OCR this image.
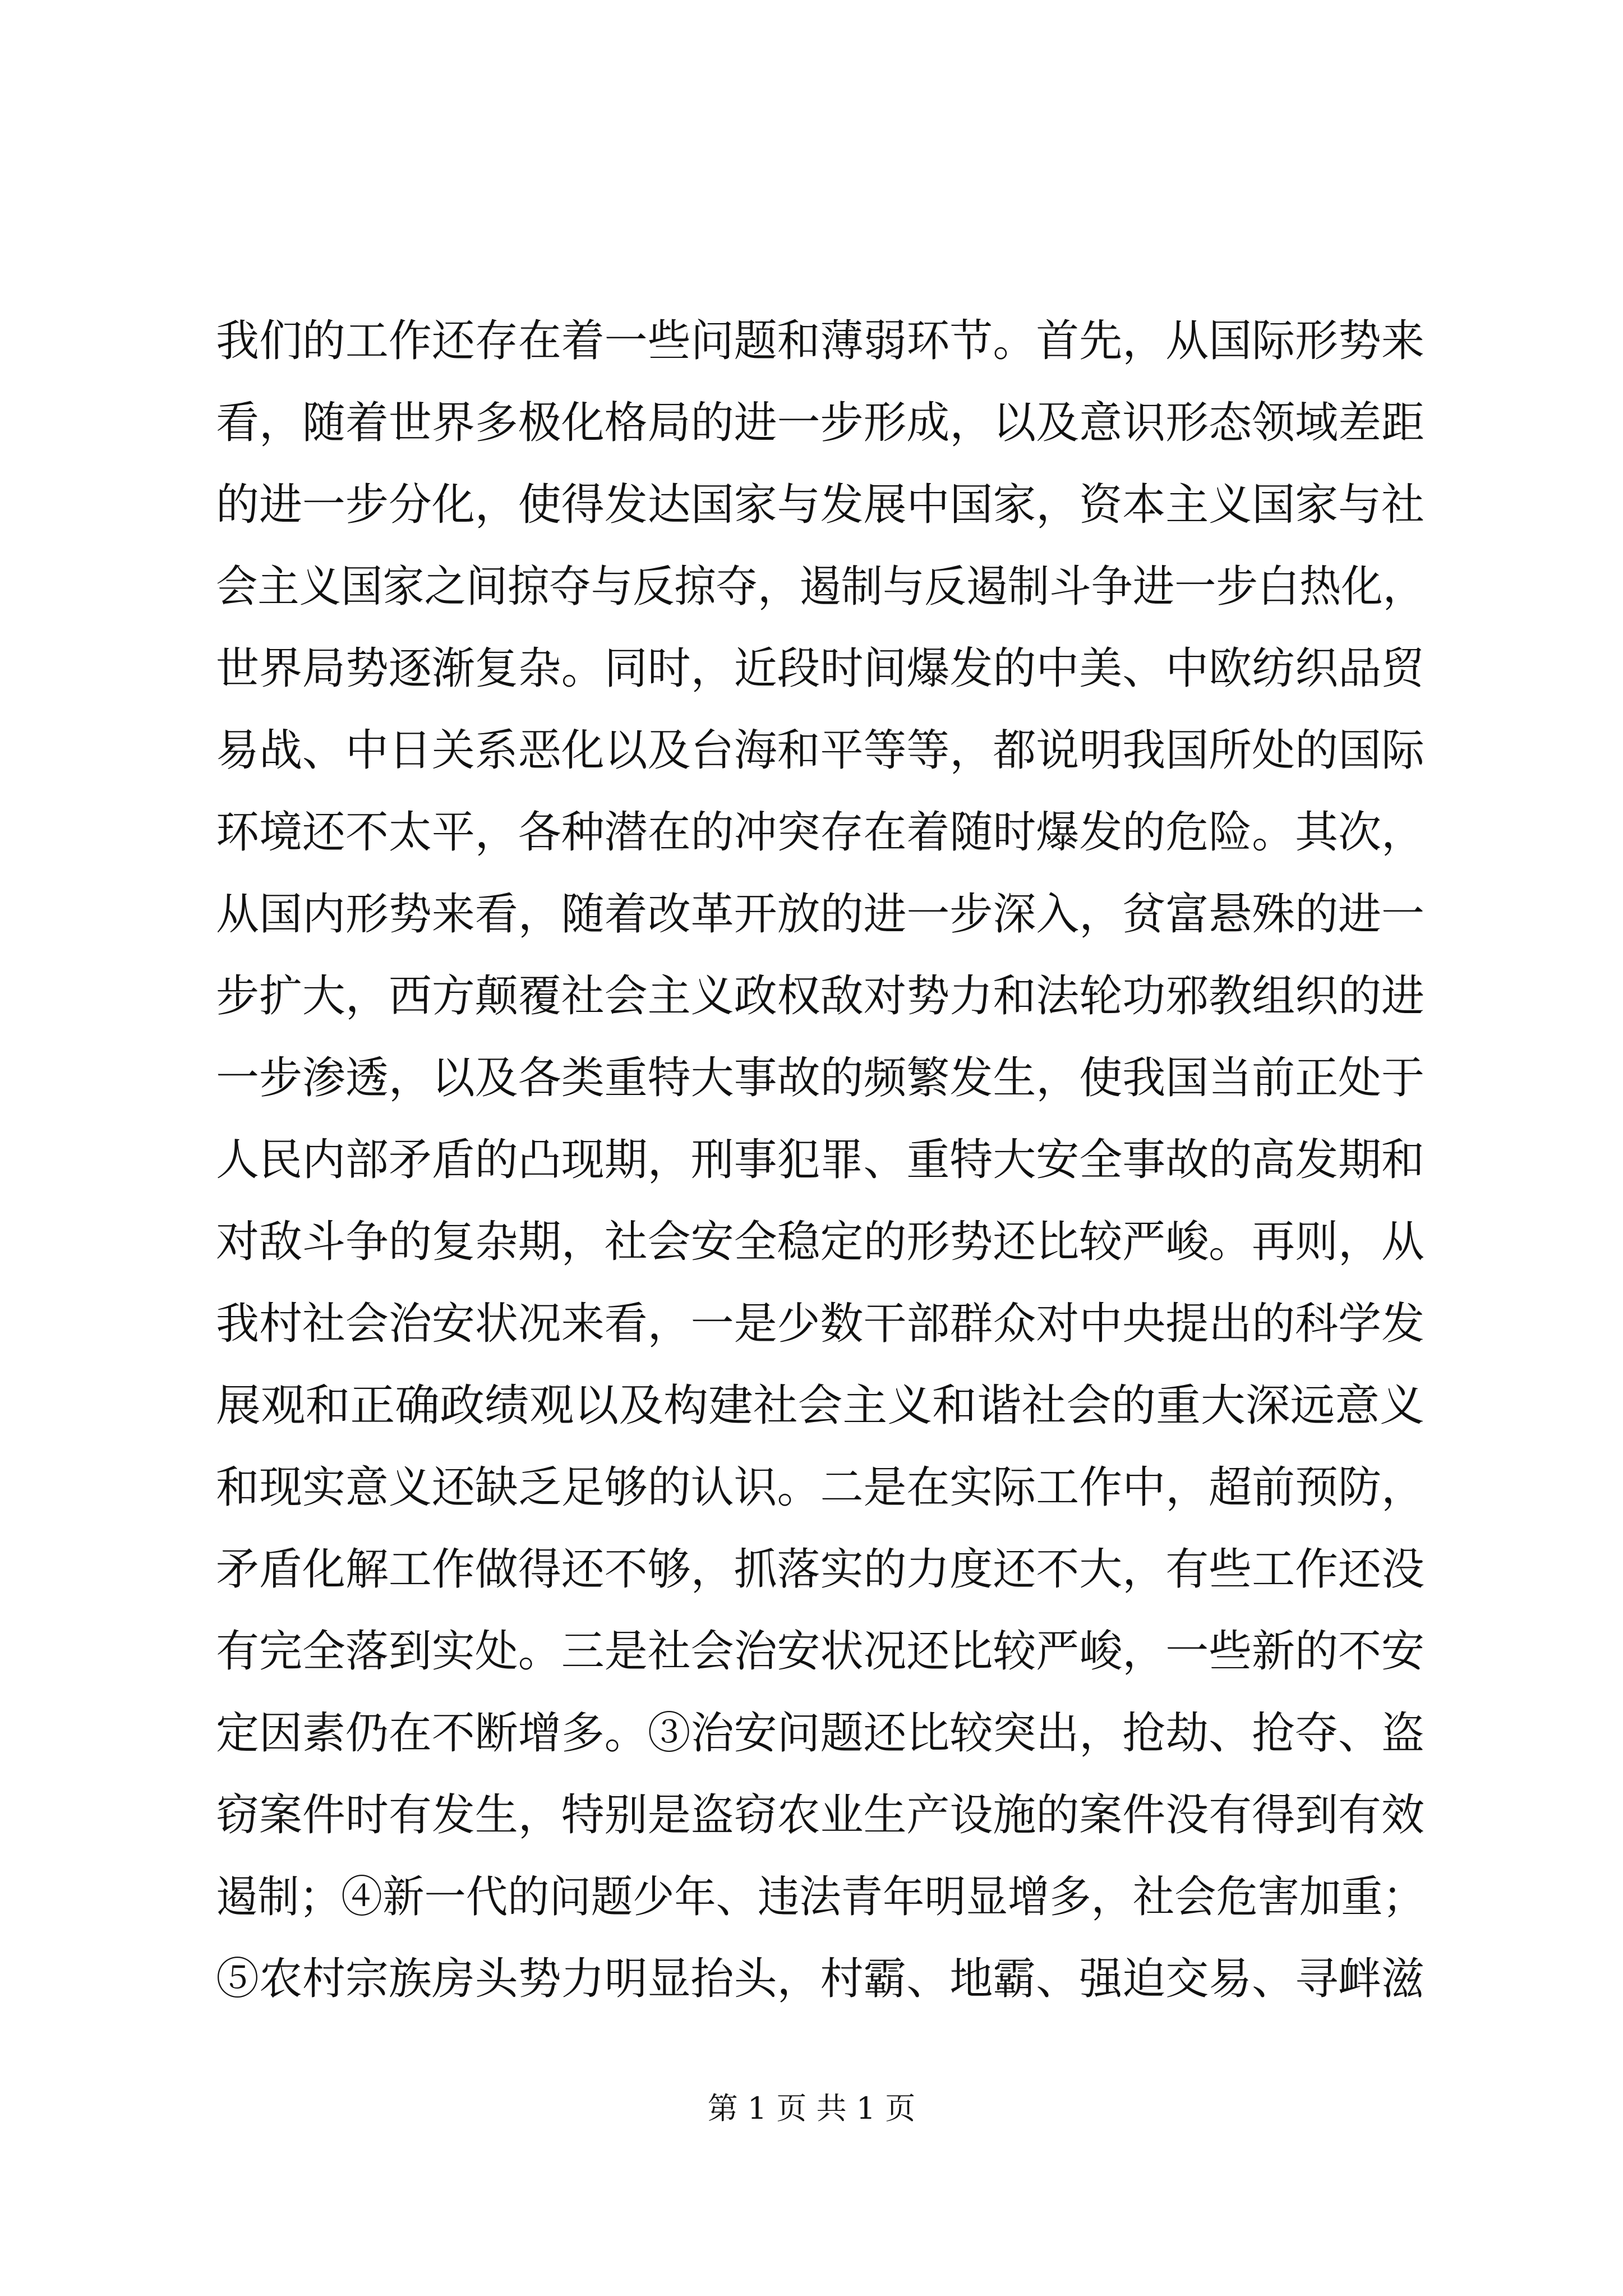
我们的工作还存在着一些问题和薄弱环节。首先，从国际形势来
看，随着世界多极化格局的进一步形成，以及意识形态领域差距
的进一步分化，使得发达国家与发展中国家，资本主义国家与社
会主义国家之间掠夺与反掠夺，遏制与反遏制斗争进一步白热化，
世界局势逐渐复杂。同时，近段时间爆发的中美、中欧纺织品贸
易战、中日关系恶化以及台海和平等等，都说明我国所处的国际
环境还不太平，各种潜在的冲突存在着随时爆发的危险。其次，
从国内形势来看，随着改革开放的进一步深入，贫富悬殊的进一
步扩大，西方颠覆社会主义政权敌对势力和法轮功邪教组织的进
一步渗透，以及各类重特大事故的频繁发生，使我国当前正处于
人民内部矛盾的凸现期，刑事犯罪、重特大安全事故的高发期和
对敌斗争的复杂期，社会安全稳定的形势还比较严峻。再则，从
我村社会治安状况来看，一是少数干部群众对中央提出的科学发
展观和正确政绩观以及构建社会主义和谐社会的重大深远意义
和现实意义还缺乏足够的认识。二是在实际工作中，超前预防，
矛盾化解工作做得还不够，抓落实的力度还不大，有些工作还没
有完全落到实处。三是社会治安状况还比较严峻，一些新的不安
定因素仍在不断增多。③治安问题还比较突出，抢劫、抢夺、盗
窃案件时有发生，特别是盗窃农业生产设施的案件没有得到有效
遏制；④新一代的问题少年、违法青年明显增多，社会危害加重；
⑤农村宗族房头势力明显抬头，村霸、地霸、强迫交易、寻衅滋
第 1 页 共 1 页
